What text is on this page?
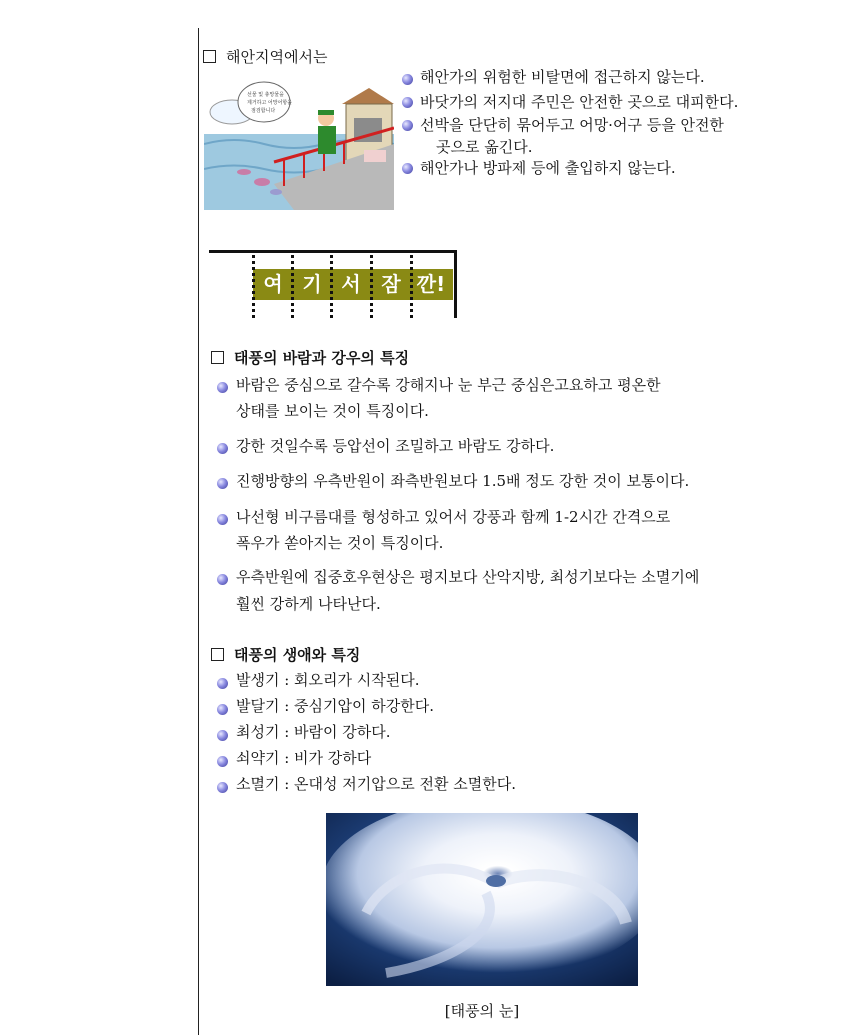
해안지역에서는
선물 및 총망물을
제거하고 어망어항을
점검합니다
해안가의 위험한 비탈면에 접근하지 않는다.
바닷가의 저지대 주민은 안전한 곳으로 대피한다.
선박을 단단히 묶어두고 어망·어구 등을 안전한
곳으로 옮긴다.
해안가나 방파제 등에 출입하지 않는다.
여 기 서	잠 깐!
태풍의 바람과 강우의 특징
바람은 중심으로 갈수록 강해지나 눈 부근 중심은고요하고 평온한
상태를 보이는 것이 특징이다.
강한 것일수록 등압선이 조밀하고 바람도 강하다.
진행방향의 우측반원이 좌측반원보다 1.5배 정도 강한 것이 보통이다.
나선형 비구름대를 형성하고 있어서 강풍과 함께 1-2시간 간격으로
폭우가 쏟아지는 것이 특징이다.
우측반원에 집중호우현상은 평지보다 산악지방, 최성기보다는 소멸기에
훨씬 강하게 나타난다.
태풍의 생애와 특징
발생기 : 회오리가 시작된다.
발달기 : 중심기압이 하강한다.
최성기 : 바람이 강하다.
쇠약기 : 비가 강하다
소멸기 : 온대성 저기압으로 전환 소멸한다.
[태풍의 눈]
